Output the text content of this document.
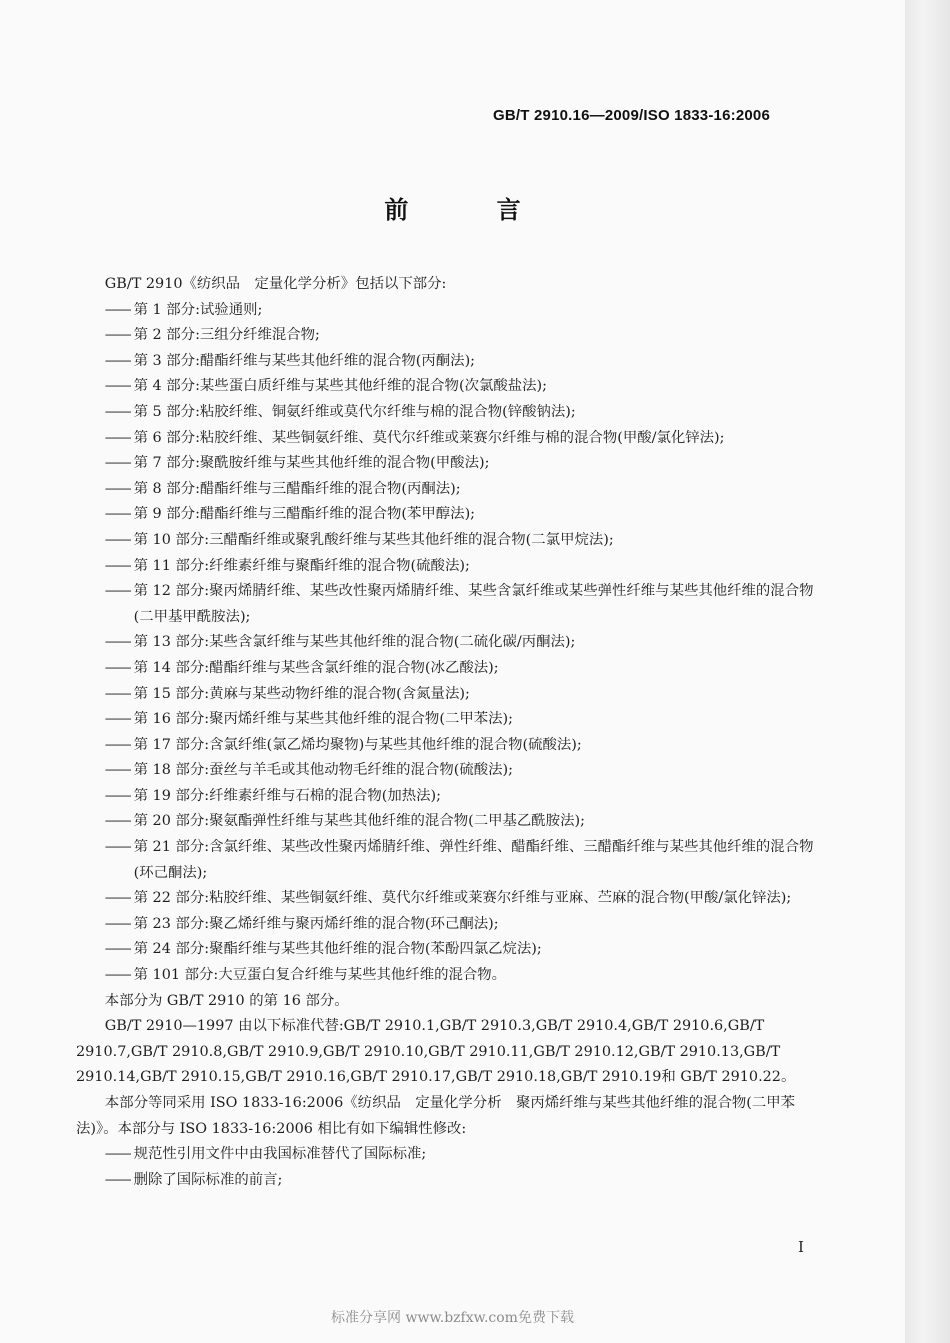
GB/T 2910.16—2009/ISO 1833-16:2006
前 言

GB/T 2910《纺织品　定量化学分析》包括以下部分:

—— 第 1 部分:试验通则;

—— 第 2 部分:三组分纤维混合物;

—— 第 3 部分:醋酯纤维与某些其他纤维的混合物(丙酮法);

—— 第 4 部分:某些蛋白质纤维与某些其他纤维的混合物(次氯酸盐法);

—— 第 5 部分:粘胶纤维、铜氨纤维或莫代尔纤维与棉的混合物(锌酸钠法);

—— 第 6 部分:粘胶纤维、某些铜氨纤维、莫代尔纤维或莱赛尔纤维与棉的混合物(甲酸/氯化锌法);

—— 第 7 部分:聚酰胺纤维与某些其他纤维的混合物(甲酸法);

—— 第 8 部分:醋酯纤维与三醋酯纤维的混合物(丙酮法);

—— 第 9 部分:醋酯纤维与三醋酯纤维的混合物(苯甲醇法);

—— 第 10 部分:三醋酯纤维或聚乳酸纤维与某些其他纤维的混合物(二氯甲烷法);

—— 第 11 部分:纤维素纤维与聚酯纤维的混合物(硫酸法);

—— 第 12 部分:聚丙烯腈纤维、某些改性聚丙烯腈纤维、某些含氯纤维或某些弹性纤维与某些其他纤维的混合物(二甲基甲酰胺法);

—— 第 13 部分:某些含氯纤维与某些其他纤维的混合物(二硫化碳/丙酮法);

—— 第 14 部分:醋酯纤维与某些含氯纤维的混合物(冰乙酸法);

—— 第 15 部分:黄麻与某些动物纤维的混合物(含氮量法);

—— 第 16 部分:聚丙烯纤维与某些其他纤维的混合物(二甲苯法);

—— 第 17 部分:含氯纤维(氯乙烯均聚物)与某些其他纤维的混合物(硫酸法);

—— 第 18 部分:蚕丝与羊毛或其他动物毛纤维的混合物(硫酸法);

—— 第 19 部分:纤维素纤维与石棉的混合物(加热法);

—— 第 20 部分:聚氨酯弹性纤维与某些其他纤维的混合物(二甲基乙酰胺法);

—— 第 21 部分:含氯纤维、某些改性聚丙烯腈纤维、弹性纤维、醋酯纤维、三醋酯纤维与某些其他纤维的混合物(环己酮法);

—— 第 22 部分:粘胶纤维、某些铜氨纤维、莫代尔纤维或莱赛尔纤维与亚麻、苎麻的混合物(甲酸/氯化锌法);

—— 第 23 部分:聚乙烯纤维与聚丙烯纤维的混合物(环己酮法);

—— 第 24 部分:聚酯纤维与某些其他纤维的混合物(苯酚四氯乙烷法);

—— 第 101 部分:大豆蛋白复合纤维与某些其他纤维的混合物。

本部分为 GB/T 2910 的第 16 部分。

GB/T 2910—1997 由以下标准代替:GB/T 2910.1,GB/T 2910.3,GB/T 2910.4,GB/T 2910.6,GB/T 2910.7,GB/T 2910.8,GB/T 2910.9,GB/T 2910.10,GB/T 2910.11,GB/T 2910.12,GB/T 2910.13,GB/T 2910.14,GB/T 2910.15,GB/T 2910.16,GB/T 2910.17,GB/T 2910.18,GB/T 2910.19和 GB/T 2910.22。

本部分等同采用 ISO 1833-16:2006《纺织品　定量化学分析　聚丙烯纤维与某些其他纤维的混合物(二甲苯法)》。本部分与 ISO 1833-16:2006 相比有如下编辑性修改:

—— 规范性引用文件中由我国标准替代了国际标准;

—— 删除了国际标准的前言;

I
标准分享网 www.bzfxw.com免费下载
